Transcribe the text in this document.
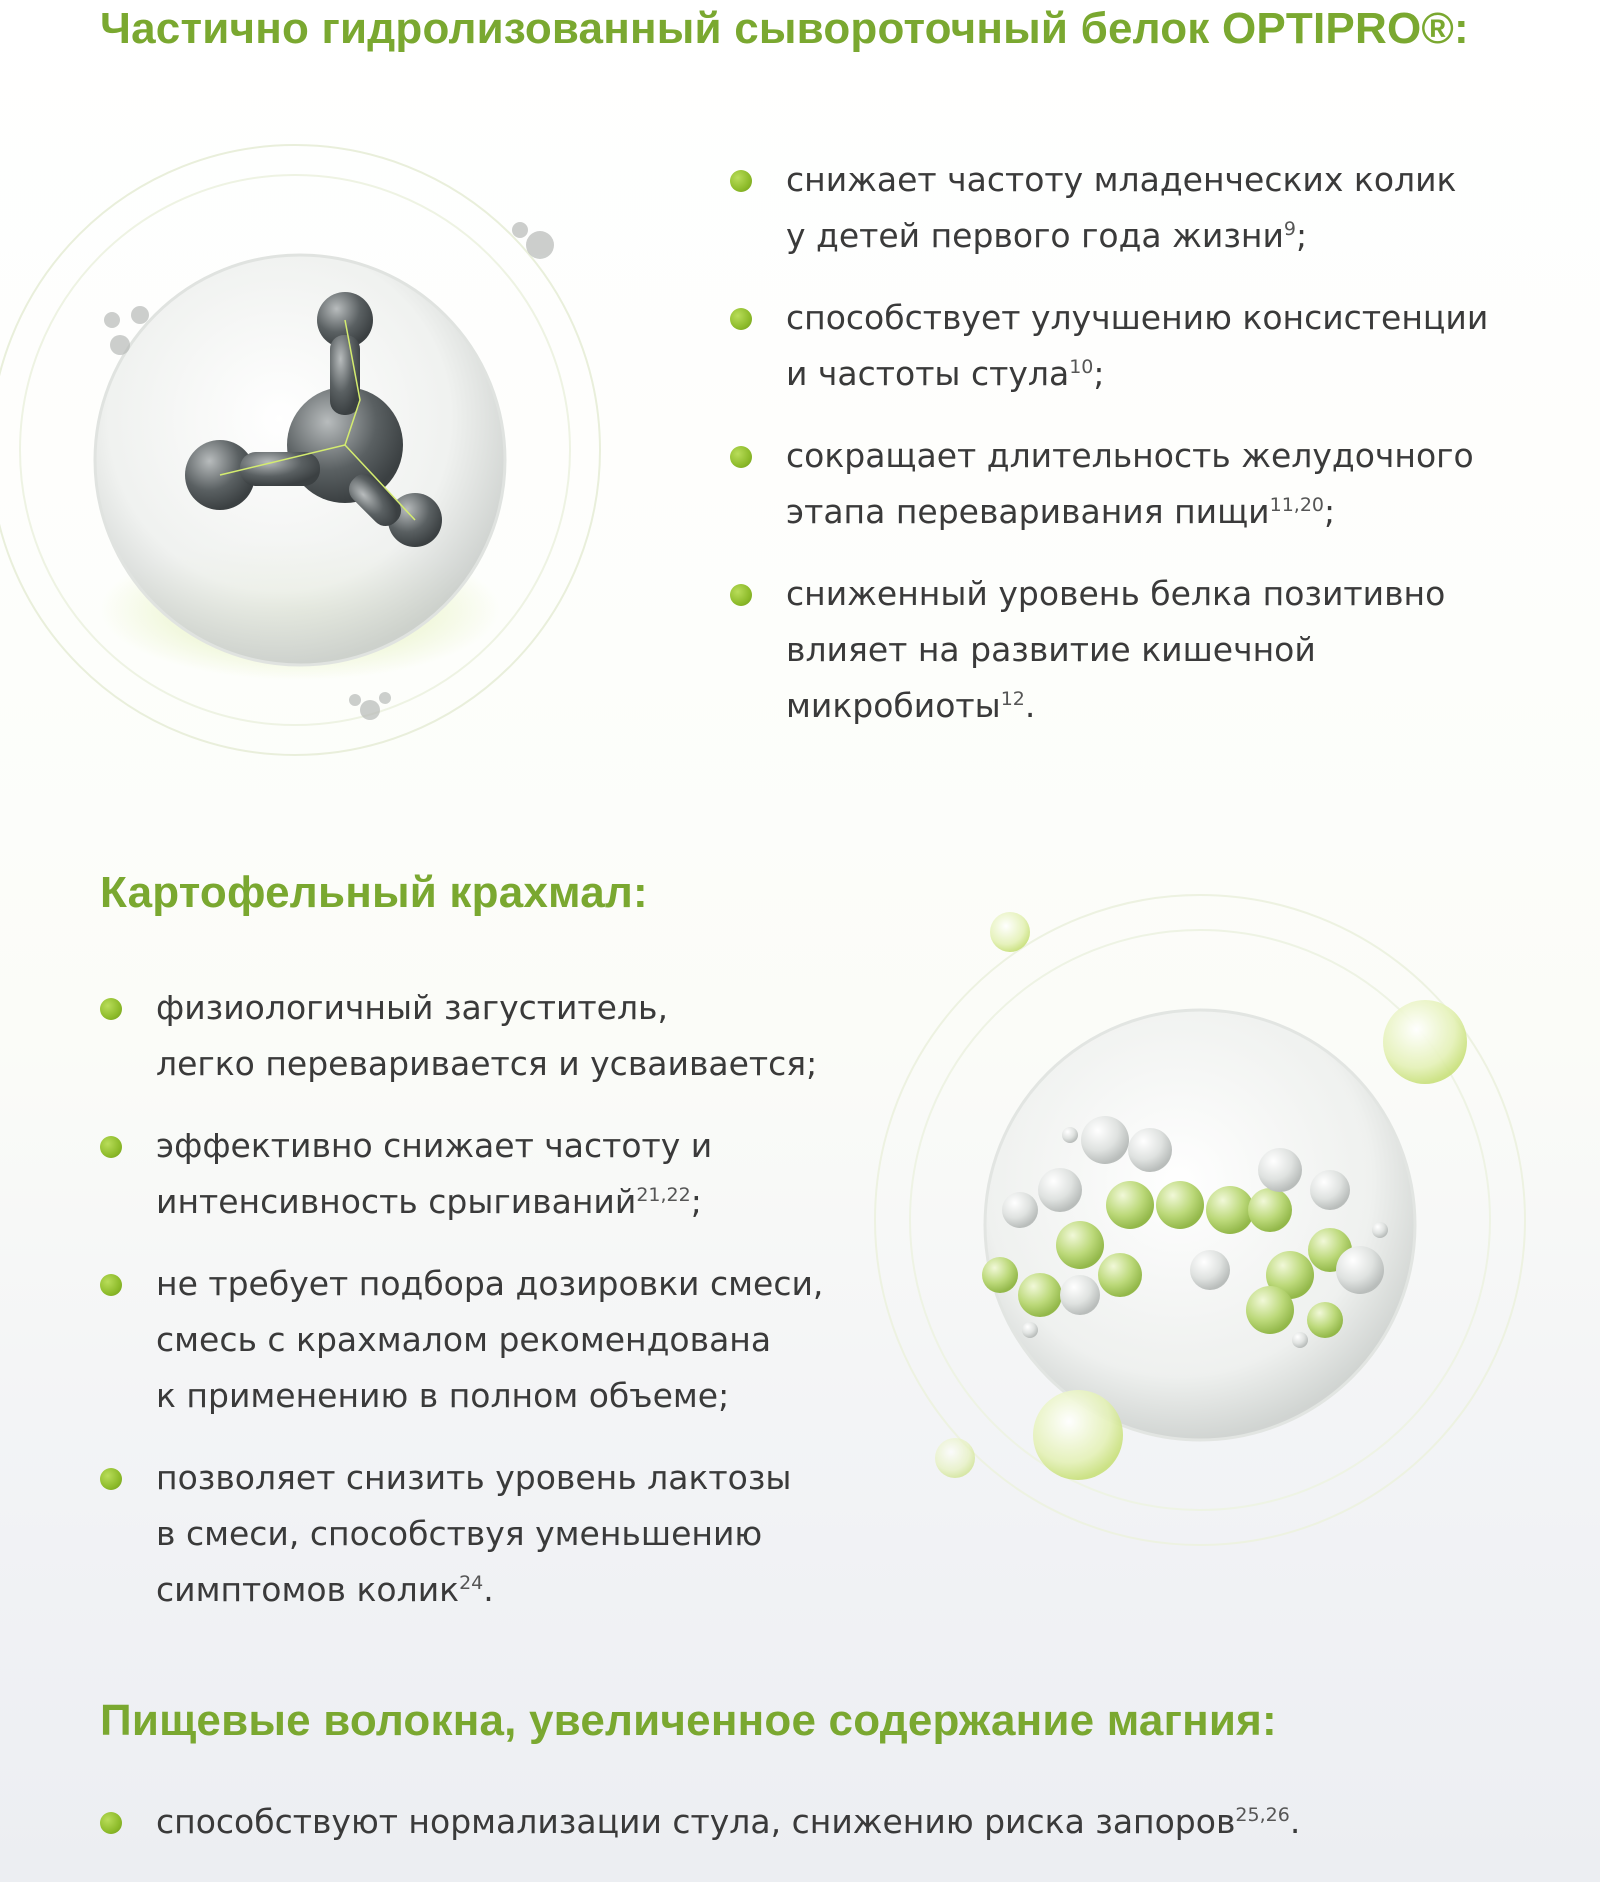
Частично гидролизованный сывороточный белок OPTIPRO®:
снижает частоту младенческих колик
у детей первого года жизни$^9$;
способствует улучшению консистенции
и частоты стула$^{10}$;
сокращает длительность желудочного
этапа переваривания пищи$^{11,20}$;
сниженный уровень белка позитивно
влияет на развитие кишечной
микробиоты$^{12}$.
Картофельный крахмал:
физиологичный загуститель,
легко переваривается и усваивается;
эффективно снижает частоту и
интенсивность срыгиваний$^{21,22}$;
не требует подбора дозировки смеси,
смесь с крахмалом рекомендована
к применению в полном объеме;
позволяет снизить уровень лактозы
в смеси, способствуя уменьшению
симптомов колик$^{24}$.
Пищевые волокна, увеличенное содержание магния:
способствуют нормализации стула, снижению риска запоров$^{25,26}$.
